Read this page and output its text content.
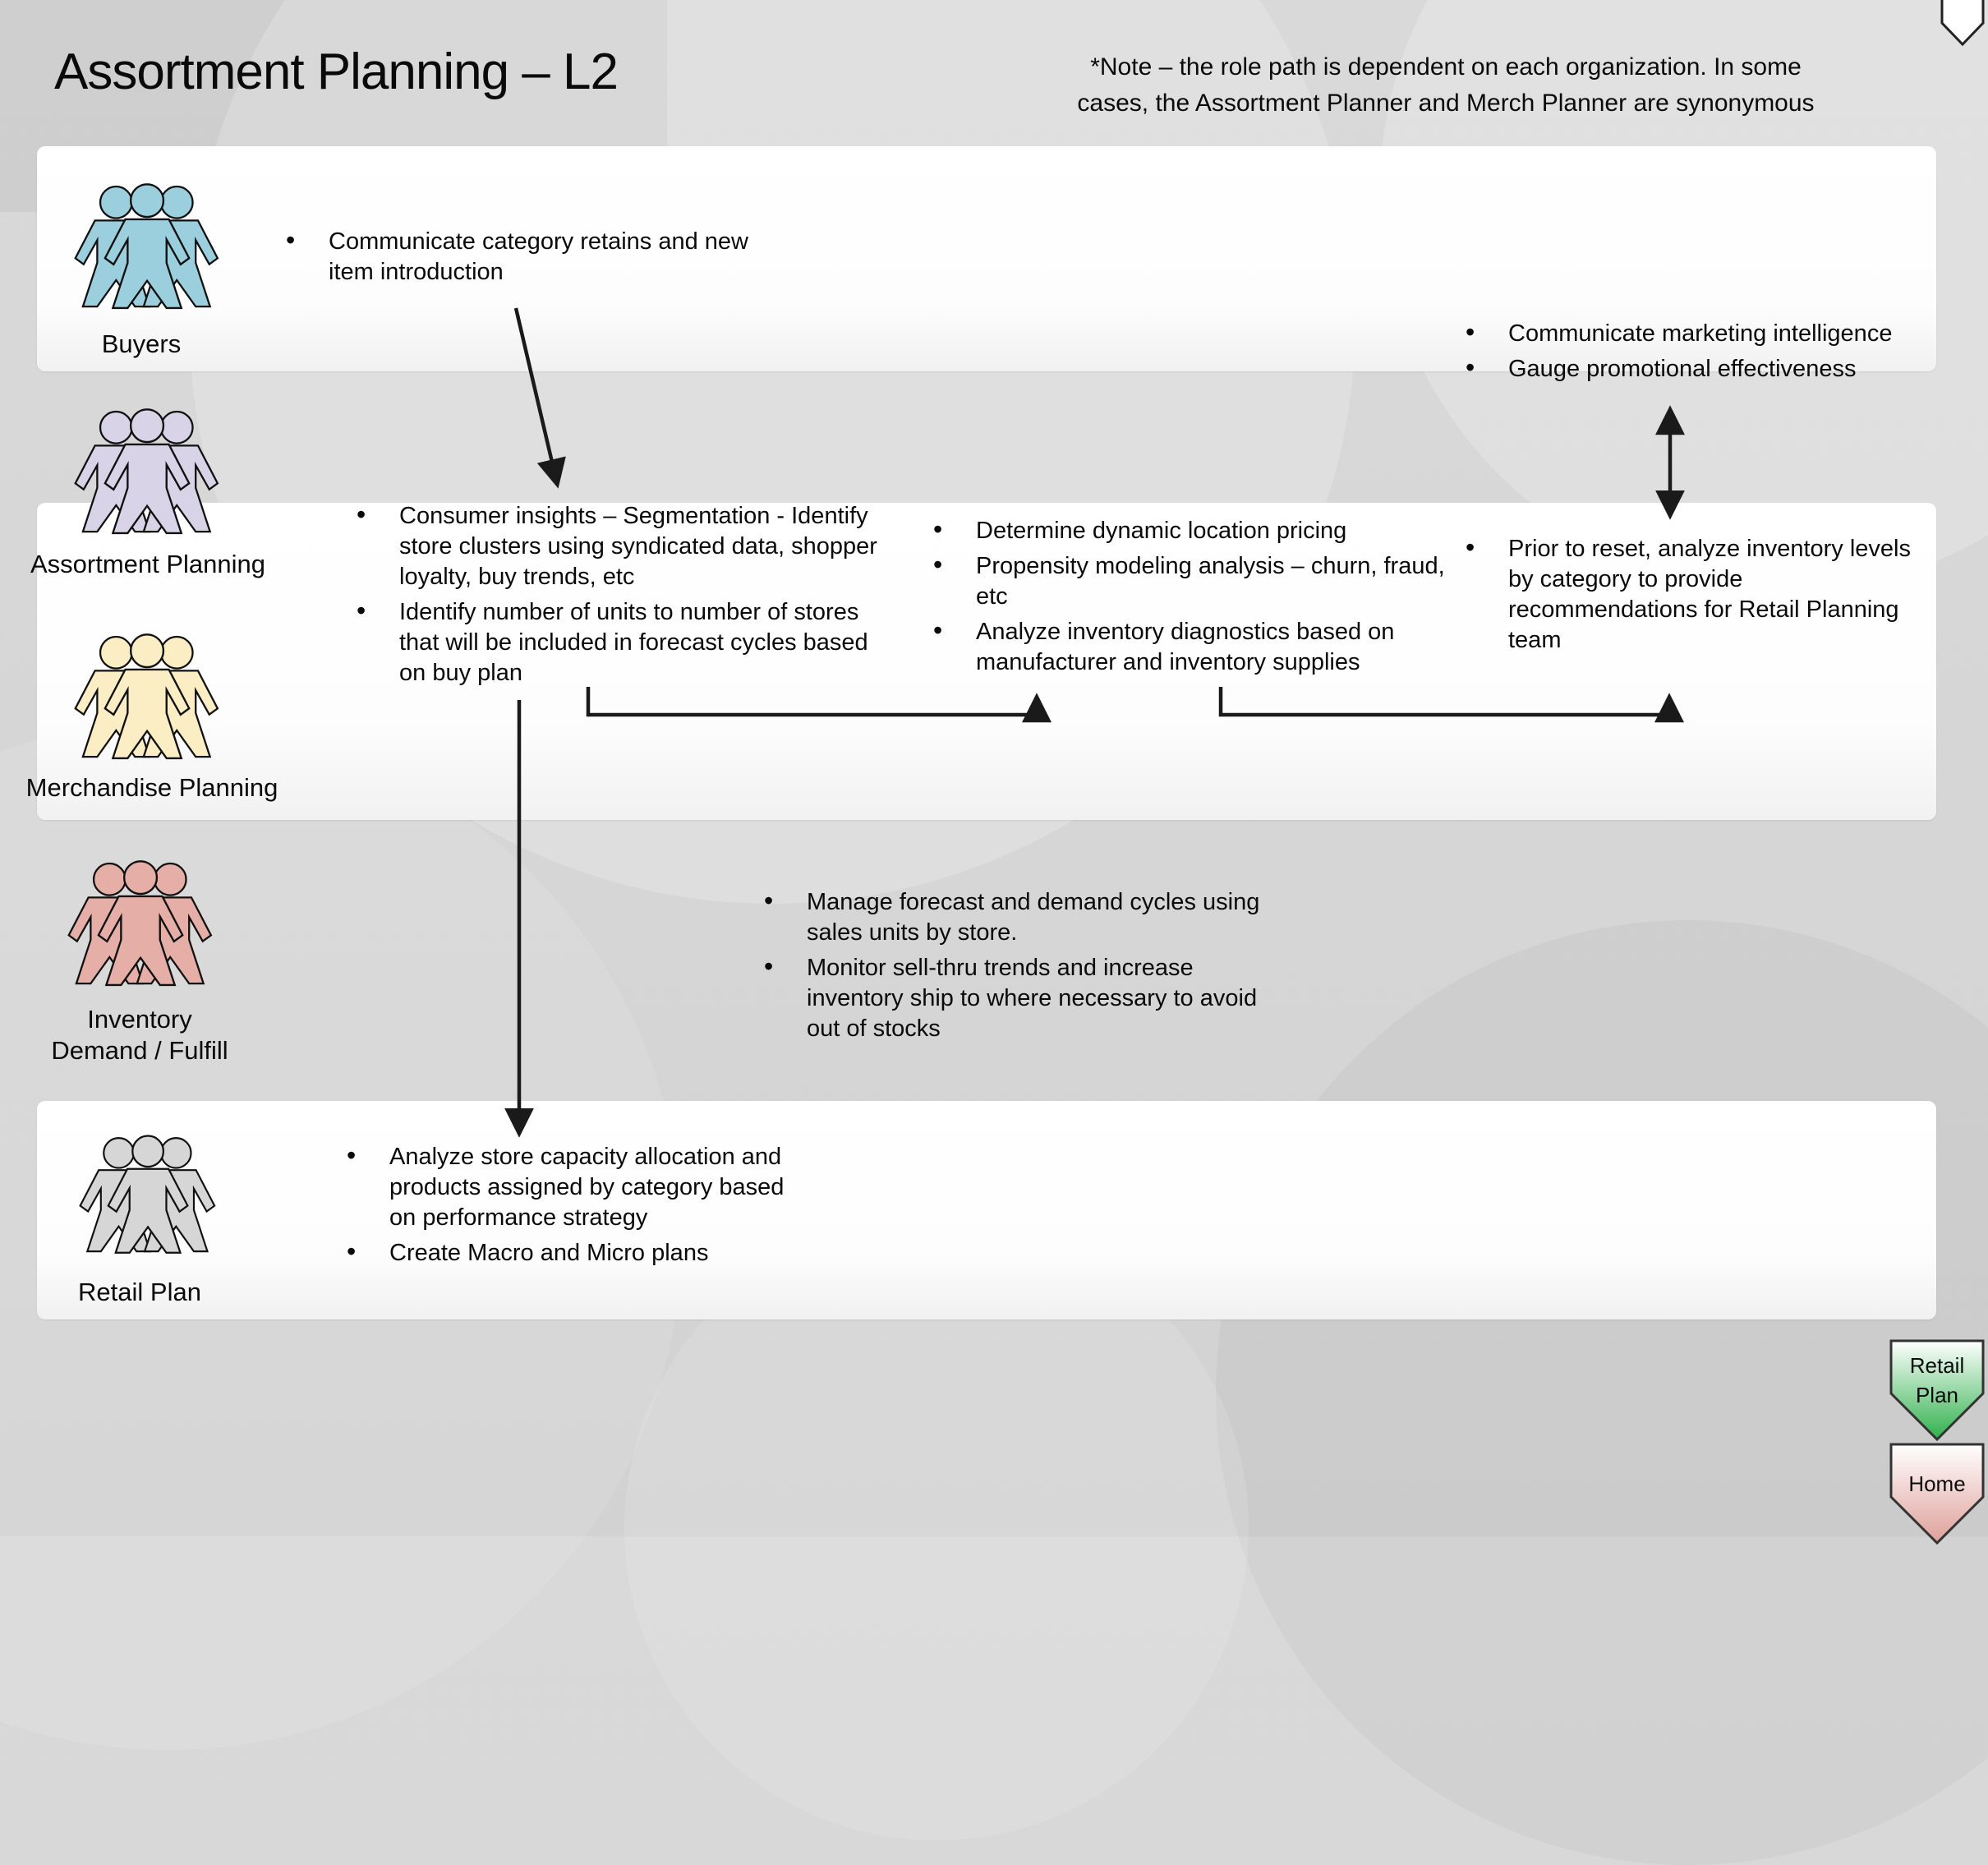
Assortment Planning – L2	*Note – the role path is dependent on each organization. In some
cases, the Assortment Planner and Merch Planner are synonymous
Buyers
Assortment Planning
Merchandise Planning
Inventory
Demand / Fulfill
Retail Plan
• Communicate category retains and new item introduction
• Communicate marketing intelligence
• Gauge promotional effectiveness
• Consumer insights – Segmentation - Identify store clusters using syndicated data, shopper loyalty, buy trends, etc
• Identify number of units to number of stores that will be included in forecast cycles based on buy plan
• Determine dynamic location pricing
• Propensity modeling analysis – churn, fraud, etc
• Analyze inventory diagnostics based on manufacturer and inventory supplies
• Prior to reset, analyze inventory levels by category to provide recommendations for Retail Planning team
• Manage forecast and demand cycles using sales units by store.
• Monitor sell-thru trends and increase inventory ship to where necessary to avoid out of stocks
• Analyze store capacity allocation and products assigned by category based on performance strategy
• Create Macro and Micro plans
Retail
Plan
Home
